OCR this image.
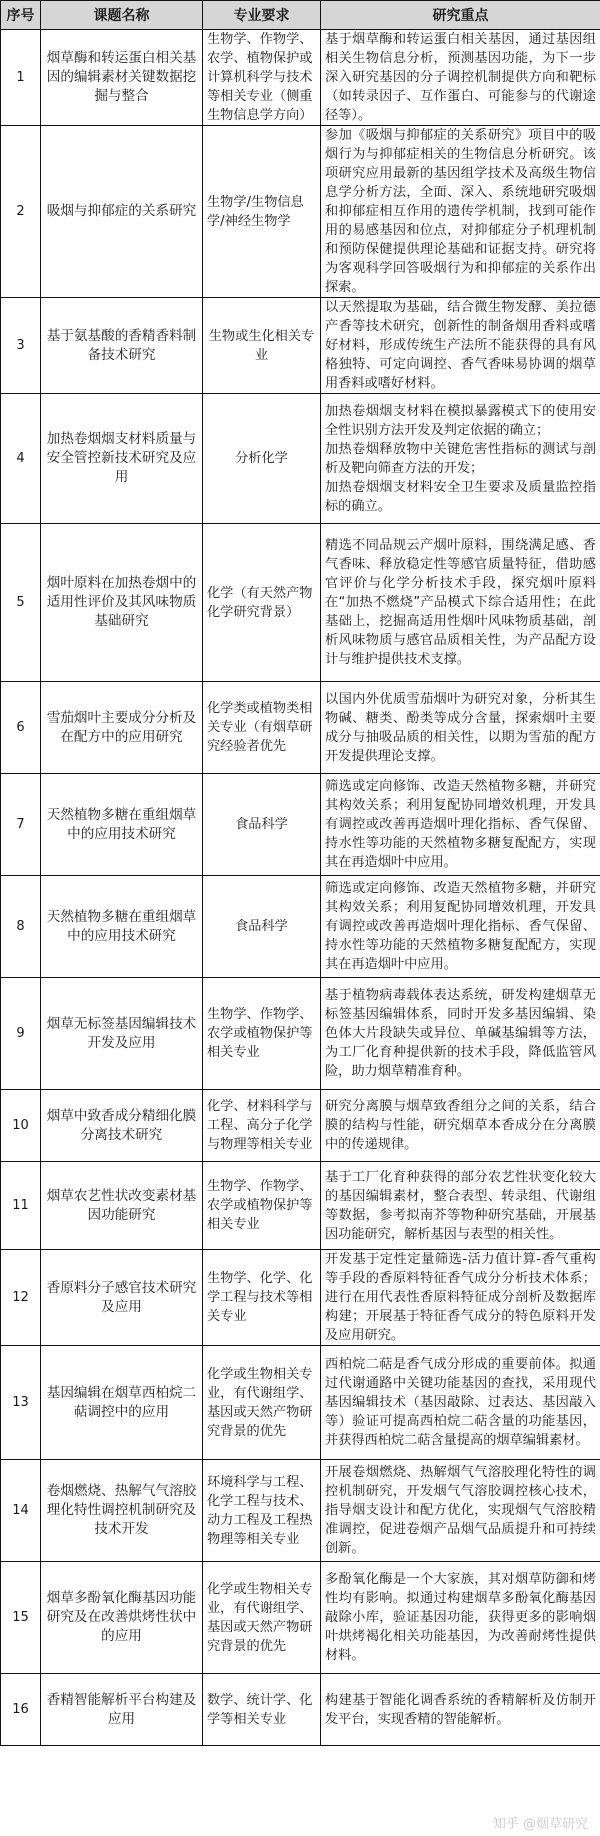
序号	课题名称	专业要求	研究重点
1	烟草酶和转运蛋白相关基因的编辑素材关键数据挖掘与整合	生物学、作物学、农学、植物保护或计算机科学与技术等相关专业（侧重生物信息学方向）	基于烟草酶和转运蛋白相关基因，通过基因组相关生物信息分析，预测基因功能，为下一步深入研究基因的分子调控机制提供方向和靶标（如转录因子、互作蛋白、可能参与的代谢途径等）。
2	吸烟与抑郁症的关系研究	生物学/生物信息学/神经生物学	参加《吸烟与抑郁症的关系研究》项目中的吸烟行为与抑郁症相关的生物信息分析研究。该项研究应用最新的基因组学技术及高级生物信息学分析方法，全面、深入、系统地研究吸烟和抑郁症相互作用的遗传学机制，找到可能作用的易感基因和位点，对抑郁症分子机理机制和预防保健提供理论基础和证据支持。研究将为客观科学回答吸烟行为和抑郁症的关系作出探索。
3	基于氨基酸的香精香料制备技术研究	生物或生化相关专业	以天然提取为基础，结合微生物发酵、美拉德产香等技术研究，创新性的制备烟用香料或嗜好材料，形成传统生产法所不能获得的具有风格独特、可定向调控、香气香味易协调的烟草用香料或嗜好材料。
4	加热卷烟烟支材料质量与安全管控新技术研究及应用	分析化学	加热卷烟烟支材料在模拟暴露模式下的使用安全性识别方法开发及判定依据的确立；
加热卷烟释放物中关键危害性指标的测试与剖析及靶向筛查方法的开发；
加热卷烟烟支材料安全卫生要求及质量监控指标的确立。
5	烟叶原料在加热卷烟中的适用性评价及其风味物质基础研究	化学（有天然产物化学研究背景）	精选不同品规云产烟叶原料，围绕满足感、香气香味、释放稳定性等感官质量特征，借助感官评价与化学分析技术手段，探究烟叶原料在“加热不燃烧”产品模式下综合适用性；在此基础上，挖掘高适用性烟叶风味物质基础，剖析风味物质与感官品质相关性，为产品配方设计与维护提供技术支撑。
6	雪茄烟叶主要成分分析及在配方中的应用研究	化学类或植物类相关专业（有烟草研究经验者优先	以国内外优质雪茄烟叶为研究对象，分析其生物碱、糖类、酚类等成分含量，探索烟叶主要成分与抽吸品质的相关性，以期为雪茄的配方开发提供理论支撑。
7	天然植物多糖在重组烟草中的应用技术研究	食品科学	筛选或定向修饰、改造天然植物多糖，并研究其构效关系；利用复配协同增效机理，开发具有调控或改善再造烟叶理化指标、香气保留、持水性等功能的天然植物多糖复配配方，实现其在再造烟叶中应用。
8	天然植物多糖在重组烟草中的应用技术研究	食品科学	筛选或定向修饰、改造天然植物多糖，并研究其构效关系；利用复配协同增效机理，开发具有调控或改善再造烟叶理化指标、香气保留、持水性等功能的天然植物多糖复配配方，实现其在再造烟叶中应用。
9	烟草无标签基因编辑技术开发及应用	生物学、作物学、农学或植物保护等相关专业	基于植物病毒载体表达系统，研发构建烟草无标签基因编辑体系，同时开发多基因编辑、染色体大片段缺失或异位、单碱基编辑等方法，为工厂化育种提供新的技术手段，降低监管风险，助力烟草精准育种。
10	烟草中致香成分精细化膜分离技术研究	化学、材料科学与工程、高分子化学与物理等相关专业	研究分离膜与烟草致香组分之间的关系，结合膜的结构与性能，研究烟草本香成分在分离膜中的传递规律。
11	烟草农艺性状改变素材基因功能研究	生物学、作物学、农学或植物保护等相关专业	基于工厂化育种获得的部分农艺性状变化较大的基因编辑素材，整合表型、转录组、代谢组等数据，参考拟南芥等物种研究基础，开展基因功能研究，解析基因与表型的相关性。
12	香原料分子感官技术研究及应用	生物学、化学、化学工程与技术等相关专业	开发基于定性定量筛选-活力值计算-香气重构等手段的香原料特征香气成分分析技术体系；进行在用代表性香原料特征成分剖析及数据库构建；开展基于特征香气成分的特色原料开发及应用研究。
13	基因编辑在烟草西柏烷二萜调控中的应用	化学或生物相关专业，有代谢组学、基因或天然产物研究背景的优先	西柏烷二萜是香气成分形成的重要前体。拟通过代谢通路中关键功能基因的查找，采用现代基因编辑技术（基因敲除、过表达、基因敲入等）验证可提高西柏烷二萜含量的功能基因，并获得西柏烷二萜含量提高的烟草编辑素材。
14	卷烟燃烧、热解气气溶胶理化特性调控机制研究及技术开发	环境科学与工程、化学工程与技术、动力工程及工程热物理等相关专业	开展卷烟燃烧、热解烟气气溶胶理化特性的调控机制研究，开发烟气气溶胶调控核心技术，指导烟支设计和配方优化，实现烟气气溶胶精准调控，促进卷烟产品烟气品质提升和可持续创新。
15	烟草多酚氧化酶基因功能研究及在改善烘烤性状中的应用	化学或生物相关专业，有代谢组学、基因或天然产物研究背景的优先	多酚氧化酶是一个大家族，其对烟草防御和烤性均有影响。拟通过构建烟草多酚氧化酶基因敲除小库，验证基因功能，获得更多的影响烟叶烘烤褐化相关功能基因，为改善耐烤性提供材料。
16	香精智能解析平台构建及应用	数学、统计学、化学等相关专业	构建基于智能化调香系统的香精解析及仿制开发平台，实现香精的智能解析。
知乎 @烟草研究
